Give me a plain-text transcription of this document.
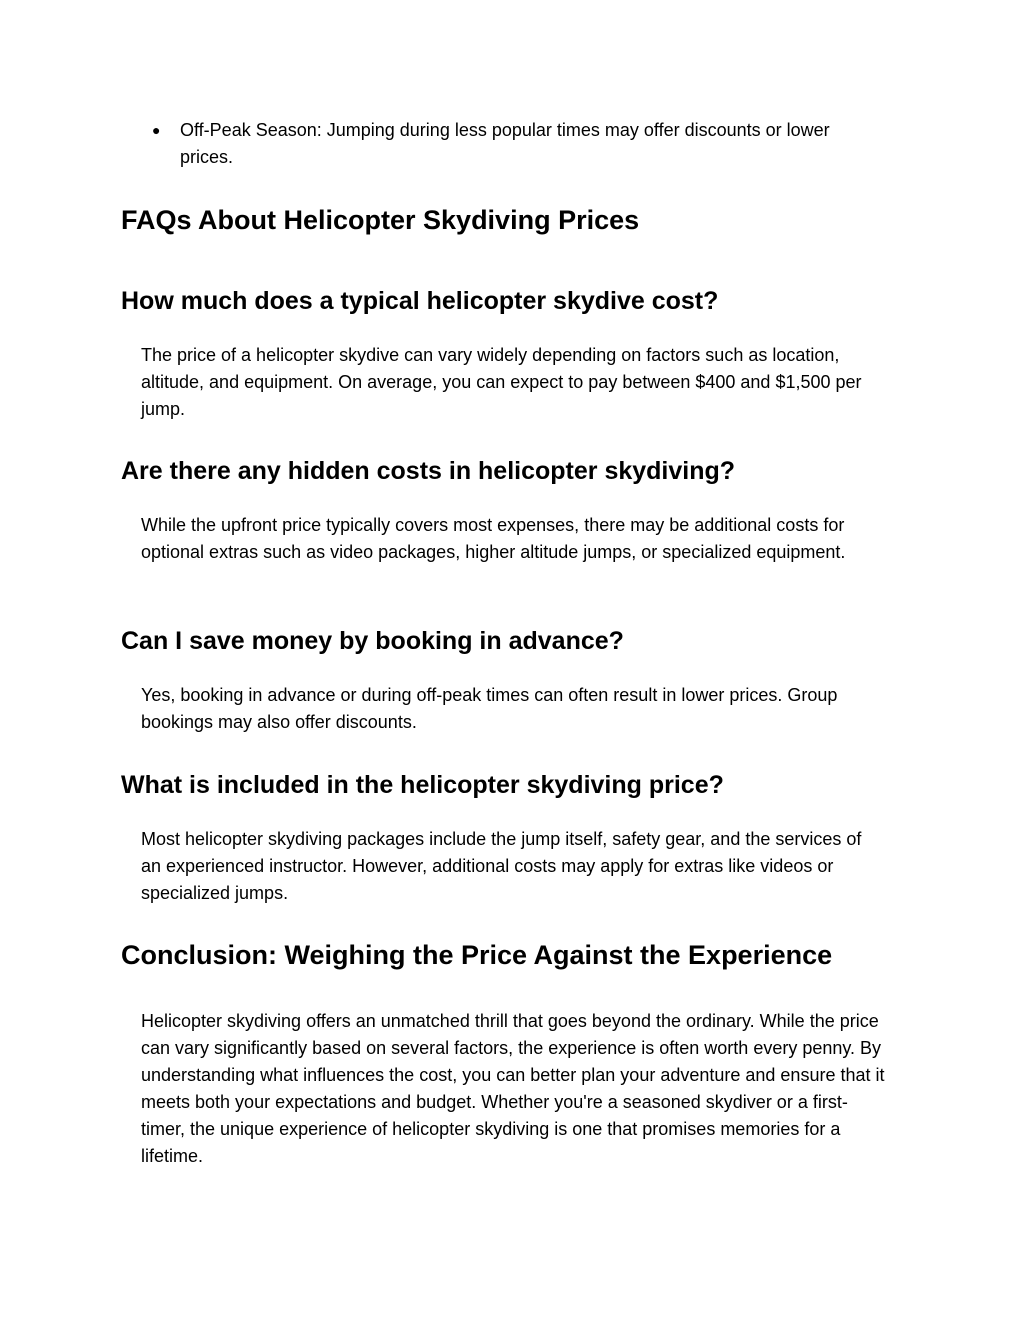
● Off-Peak Season: Jumping during less popular times may offer discounts or lower prices.
FAQs About Helicopter Skydiving Prices
How much does a typical helicopter skydive cost?

The price of a helicopter skydive can vary widely depending on factors such as location, altitude, and equipment. On average, you can expect to pay between $400 and $1,500 per jump.

Are there any hidden costs in helicopter skydiving?

While the upfront price typically covers most expenses, there may be additional costs for optional extras such as video packages, higher altitude jumps, or specialized equipment.

Can I save money by booking in advance?

Yes, booking in advance or during off-peak times can often result in lower prices. Group bookings may also offer discounts.

What is included in the helicopter skydiving price?

Most helicopter skydiving packages include the jump itself, safety gear, and the services of an experienced instructor. However, additional costs may apply for extras like videos or specialized jumps.

Conclusion: Weighing the Price Against the Experience

Helicopter skydiving offers an unmatched thrill that goes beyond the ordinary. While the price can vary significantly based on several factors, the experience is often worth every penny. By understanding what influences the cost, you can better plan your adventure and ensure that it meets both your expectations and budget. Whether you're a seasoned skydiver or a first-timer, the unique experience of helicopter skydiving is one that promises memories for a lifetime.
